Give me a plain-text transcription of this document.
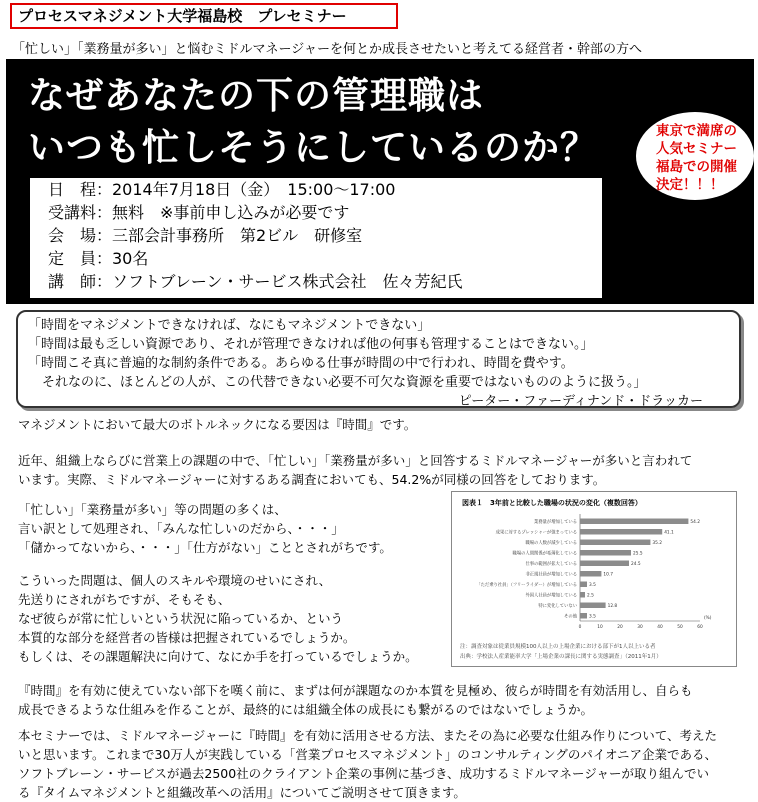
プロセスマネジメント大学福島校　プレセミナー
「忙しい」「業務量が多い」と悩むミドルマネージャーを何とか成長させたいと考えてる経営者・幹部の方へ
なぜあなたの下の管理職は
いつも忙しそうにしているのか？	東京で満席の
人気セミナー
福島での開催
決定！！！
日　程：2014年7月18日（金）　15:00～17:00
受講料：無料　※事前申し込みが必要です
会　場：三部会計事務所　第2ビル　研修室
定　員：30名
講　師：ソフトブレーン・サービス株式会社　佐々芳紀氏
「時間をマネジメントできなければ、なにもマネジメントできない」
「時間は最も乏しい資源であり、それが管理できなければ他の何事も管理することはできない。」
「時間こそ真に普遍的な制約条件である。あらゆる仕事が時間の中で行われ、時間を費やす。
それなのに、ほとんどの人が、この代替できない必要不可欠な資源を重要ではないもののように扱う。」
ピーター・ファーディナンド・ドラッカー
マネジメントにおいて最大のボトルネックになる要因は『時間』です。
近年、組織上ならびに営業上の課題の中で、「忙しい」「業務量が多い」と回答するミドルマネージャーが多いと言われて
います。実際、ミドルマネージャーに対するある調査においても、54.2%が同様の回答をしております。
「忙しい」「業務量が多い」等の問題の多くは、
言い訳として処理され、「みんな忙しいのだから、・・・」
「儲かってないから、・・・」「仕方がない」こととされがちです。
こういった問題は、個人のスキルや環境のせいにされ、
先送りにされがちですが、そもそも、
なぜ彼らが常に忙しいという状況に陥っているか、という
本質的な部分を経営者の皆様は把握されているでしょうか。
もしくは、その課題解決に向けて、なにか手を打っているでしょうか。
『時間』を有効に使えていない部下を嘆く前に、まずは何が課題なのか本質を見極め、彼らが時間を有効活用し、自らも
成長できるような仕組みを作ることが、最終的には組織全体の成長にも繋がるのではないでしょうか。
本セミナーでは、ミドルマネージャーに『時間』を有効に活用させる方法、またその為に必要な仕組み作りについて、考えた
いと思います。これまで30万人が実践している「営業プロセスマネジメント」のコンサルティングのパイオニア企業である、
ソフトブレーン・サービスが過去2500社のクライアント企業の事例に基づき、成功するミドルマネージャーが取り組んでい
る『タイムマネジメントと組織改革への活用』についてご説明させて頂きます。
図表１　3年前と比較した職場の状況の変化（複数回答）
業務量が増加している	54.2
成果に対するプレッシャーが強まっている	41.1
職場の人数が減少している	35.2
職場の人間関係が希薄化している	25.5
仕事の範囲が拡大している	24.5
非正規社員が増加している	10.7
「ただ乗り社員」（フリーライダー）が増加している	3.5
外国人社員が増加している 2.5
特に変化していない	12.8
その他	3.5
0	10	20	30	40	50	60
(%)
注：調査対象は従業員規模100人以上の上場企業における部下が1人以上いる者
出典：学校法人産業能率大学「上場企業の課長に関する実態調査」（2011年1月）
